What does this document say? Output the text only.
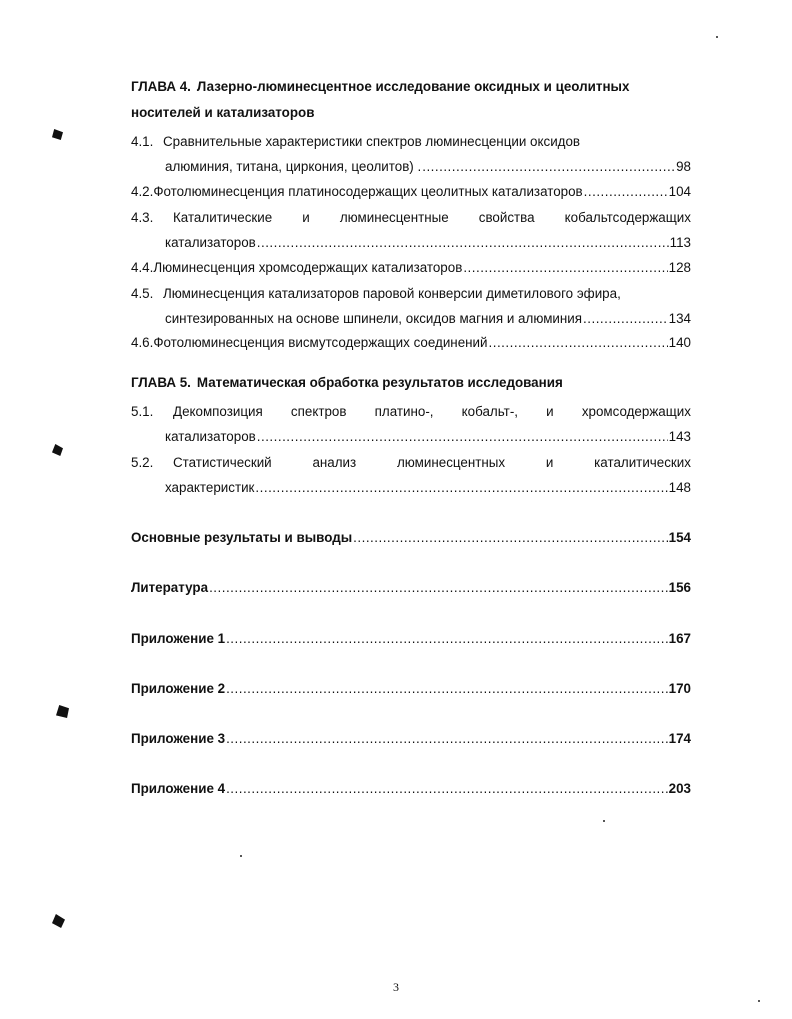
ГЛАВА 4. Лазерно-люминесцентное исследование оксидных и цеолитных
носителей и катализаторов
4.1. Сравнительные характеристики спектров люминесценции оксидов
алюминия, титана, циркония, цеолитов) . .....	98
4.2. Фотолюминесценция платиносодержащих цеолитных катализаторов .....	104
4.3.	Каталитические и люминесцентные свойства кобальтсодержащих
катализаторов .....	113
4.4. Люминесценция хромсодержащих катализаторов .....	128
4.5. Люминесценция катализаторов паровой конверсии диметилового эфира,
синтезированных на основе шпинели, оксидов магния и алюминия .....	134
4.6. Фотолюминесценция висмутсодержащих соединений .....	140
ГЛАВА 5. Математическая обработка результатов исследования
5.1.	Декомпозиция спектров платино-, кобальт-, и хромсодержащих
катализаторов .....	143
5.2.	Статистический	анализ	люминесцентных	и	каталитических
характеристик .....	148
Основные результаты и выводы .....	154
Литература .....	156
Приложение 1 .....	167
Приложение 2 .....	170
Приложение 3 .....	174
Приложение 4 .....	203
3
